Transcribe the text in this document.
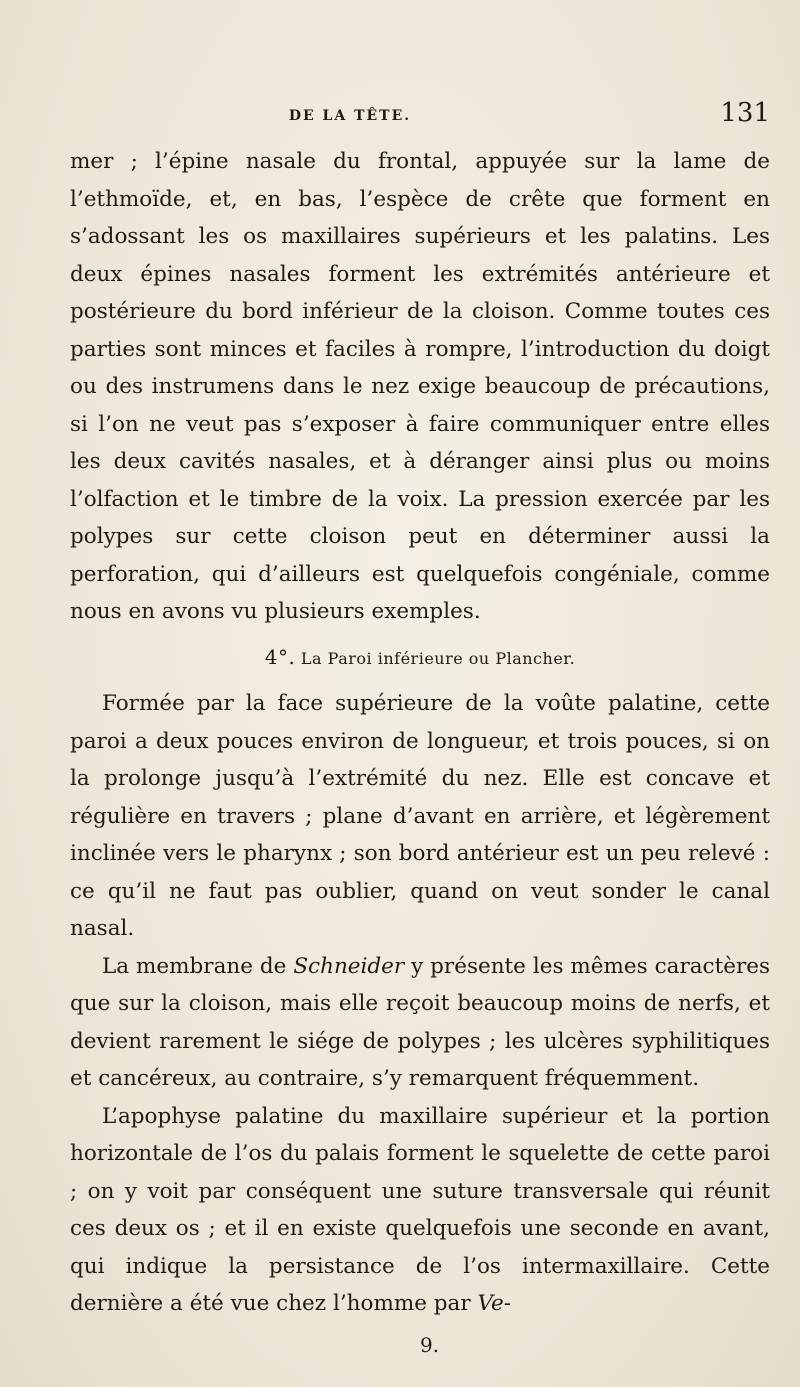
DE LA TÊTE.	131

mer ; l’épine nasale du frontal, appuyée sur la lame de l’ethmoïde, et, en bas, l’espèce de crête que forment en s’adossant les os maxillaires supérieurs et les palatins. Les deux épines nasales forment les extrémités antérieure et postérieure du bord inférieur de la cloison. Comme toutes ces parties sont minces et faciles à rompre, l’introduction du doigt ou des instrumens dans le nez exige beaucoup de précautions, si l’on ne veut pas s’exposer à faire communiquer entre elles les deux cavités nasales, et à déranger ainsi plus ou moins l’olfaction et le timbre de la voix. La pression exercée par les polypes sur cette cloison peut en déterminer aussi la perforation, qui d’ailleurs est quelquefois congéniale, comme nous en avons vu plusieurs exemples.

4°. La Paroi inférieure ou Plancher.

Formée par la face supérieure de la voûte palatine, cette paroi a deux pouces environ de longueur, et trois pouces, si on la prolonge jusqu’à l’extrémité du nez. Elle est concave et régulière en travers ; plane d’avant en arrière, et légèrement inclinée vers le pharynx ; son bord antérieur est un peu relevé : ce qu’il ne faut pas oublier, quand on veut sonder le canal nasal.

La membrane de Schneider y présente les mêmes caractères que sur la cloison, mais elle reçoit beaucoup moins de nerfs, et devient rarement le siége de polypes ; les ulcères syphilitiques et cancéreux, au contraire, s’y remarquent fréquemment.

L’apophyse palatine du maxillaire supérieur et la portion horizontale de l’os du palais forment le squelette de cette paroi ; on y voit par conséquent une suture transversale qui réunit ces deux os ; et il en existe quelquefois une seconde en avant, qui indique la persistance de l’os intermaxillaire. Cette dernière a été vue chez l’homme par Ve-

9.
